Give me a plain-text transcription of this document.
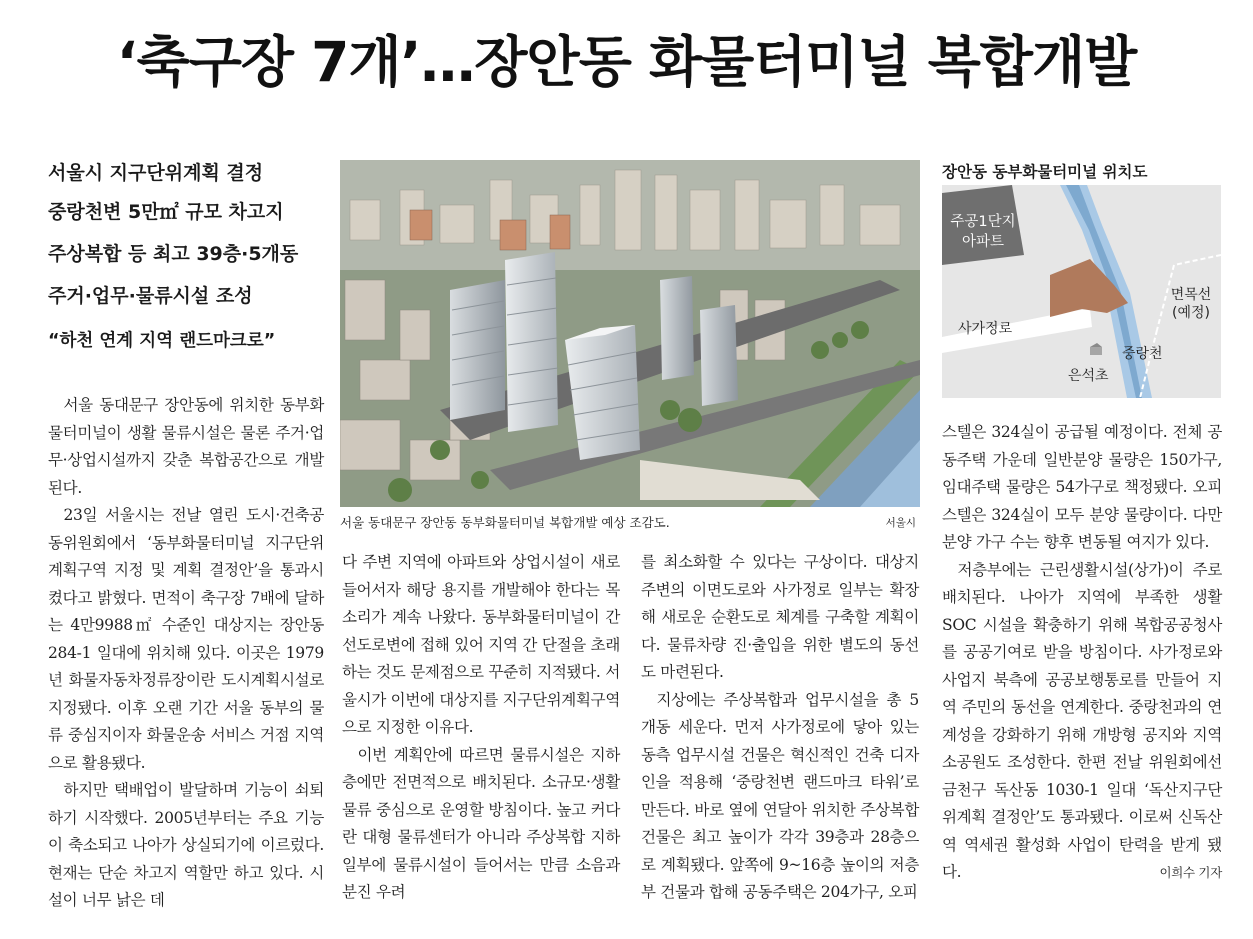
‘축구장 7개’…장안동 화물터미널 복합개발
서울시 지구단위계획 결정
중랑천변 5만㎡ 규모 차고지
주상복합 등 최고 39층·5개동
주거·업무·물류시설 조성
“하천 연계 지역 랜드마크로”

서울 동대문구 장안동에 위치한 동부화물터미널이 생활 물류시설은 물론 주거·업무·상업시설까지 갖춘 복합공간으로 개발된다.

23일 서울시는 전날 열린 도시·건축공동위원회에서 ‘동부화물터미널 지구단위계획구역 지정 및 계획 결정안’을 통과시켰다고 밝혔다. 면적이 축구장 7배에 달하는 4만9988㎡ 수준인 대상지는 장안동 284-1 일대에 위치해 있다. 이곳은 1979년 화물자동차정류장이란 도시계획시설로 지정됐다. 이후 오랜 기간 서울 동부의 물류 중심지이자 화물운송 서비스 거점 지역으로 활용됐다.

하지만 택배업이 발달하며 기능이 쇠퇴하기 시작했다. 2005년부터는 주요 기능이 축소되고 나아가 상실되기에 이르렀다. 현재는 단순 차고지 역할만 하고 있다. 시설이 너무 낡은 데

서울 동대문구 장안동 동부화물터미널 복합개발 예상 조감도.	서울시

다 주변 지역에 아파트와 상업시설이 새로 들어서자 해당 용지를 개발해야 한다는 목소리가 계속 나왔다. 동부화물터미널이 간선도로변에 접해 있어 지역 간 단절을 초래하는 것도 문제점으로 꾸준히 지적됐다. 서울시가 이번에 대상지를 지구단위계획구역으로 지정한 이유다.

이번 계획안에 따르면 물류시설은 지하층에만 전면적으로 배치된다. 소규모·생활 물류 중심으로 운영할 방침이다. 높고 커다란 대형 물류센터가 아니라 주상복합 지하 일부에 물류시설이 들어서는 만큼 소음과 분진 우려

를 최소화할 수 있다는 구상이다. 대상지 주변의 이면도로와 사가정로 일부는 확장해 새로운 순환도로 체계를 구축할 계획이다. 물류차량 진·출입을 위한 별도의 동선도 마련된다.

지상에는 주상복합과 업무시설을 총 5개동 세운다. 먼저 사가정로에 닿아 있는 동측 업무시설 건물은 혁신적인 건축 디자인을 적용해 ‘중랑천변 랜드마크 타워’로 만든다. 바로 옆에 연달아 위치한 주상복합 건물은 최고 높이가 각각 39층과 28층으로 계획됐다. 앞쪽에 9~16층 높이의 저층부 건물과 합해 공동주택은 204가구, 오피

장안동 동부화물터미널 위치도
주공1단지
아파트
면목선
(예정)
사가정로
중랑천
은석초

스텔은 324실이 공급될 예정이다. 전체 공동주택 가운데 일반분양 물량은 150가구, 임대주택 물량은 54가구로 책정됐다. 오피스텔은 324실이 모두 분양 물량이다. 다만 분양 가구 수는 향후 변동될 여지가 있다.

저층부에는 근린생활시설(상가)이 주로 배치된다. 나아가 지역에 부족한 생활 SOC 시설을 확충하기 위해 복합공공청사를 공공기여로 받을 방침이다. 사가정로와 사업지 북측에 공공보행통로를 만들어 지역 주민의 동선을 연계한다. 중랑천과의 연계성을 강화하기 위해 개방형 공지와 지역 소공원도 조성한다. 한편 전날 위원회에선 금천구 독산동 1030-1 일대 ‘독산지구단위계획 결정안’도 통과됐다. 이로써 신독산역 역세권 활성화 사업이 탄력을 받게 됐다.	이희수 기자
